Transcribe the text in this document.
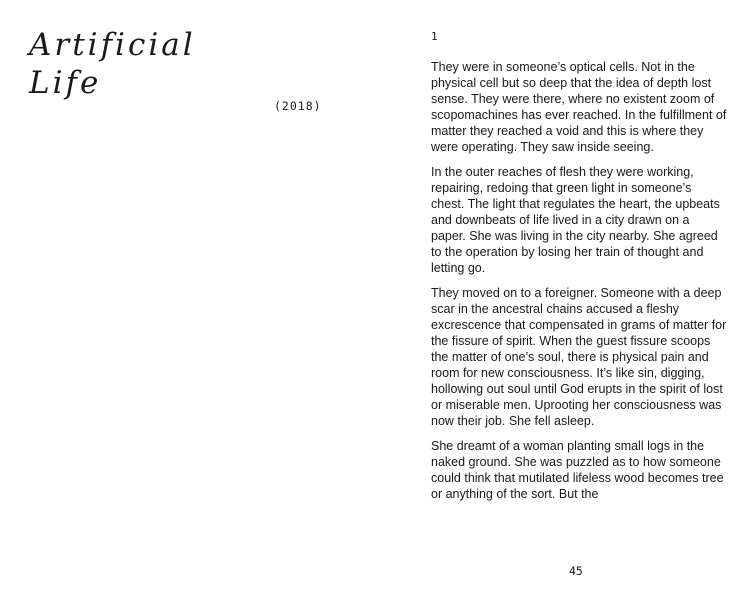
Artificial
Life
(2018)
1

They were in someone’s optical cells. Not in the physical cell but so deep that the idea of depth lost sense. They were there, where no existent zoom of scopomachines has ever reached. In the fulfillment of matter they reached a void and this is where they were operating. They saw inside seeing.

In the outer reaches of flesh they were working, repairing, redoing that green light in someone’s chest. The light that regulates the heart, the upbeats and downbeats of life lived in a city drawn on a paper. She was living in the city nearby. She agreed to the operation by losing her train of thought and letting go.

They moved on to a foreigner. Someone with a deep scar in the ancestral chains accused a fleshy excrescence that compensated in grams of matter for the fissure of spirit. When the guest fissure scoops the matter of one’s soul, there is physical pain and room for new consciousness. It’s like sin, digging, hollowing out soul until God erupts in the spirit of lost or miserable men. Uprooting her consciousness was now their job. She fell asleep.

She dreamt of a woman planting small logs in the naked ground. She was puzzled as to how someone could think that mutilated lifeless wood becomes tree or anything of the sort. But the

45
